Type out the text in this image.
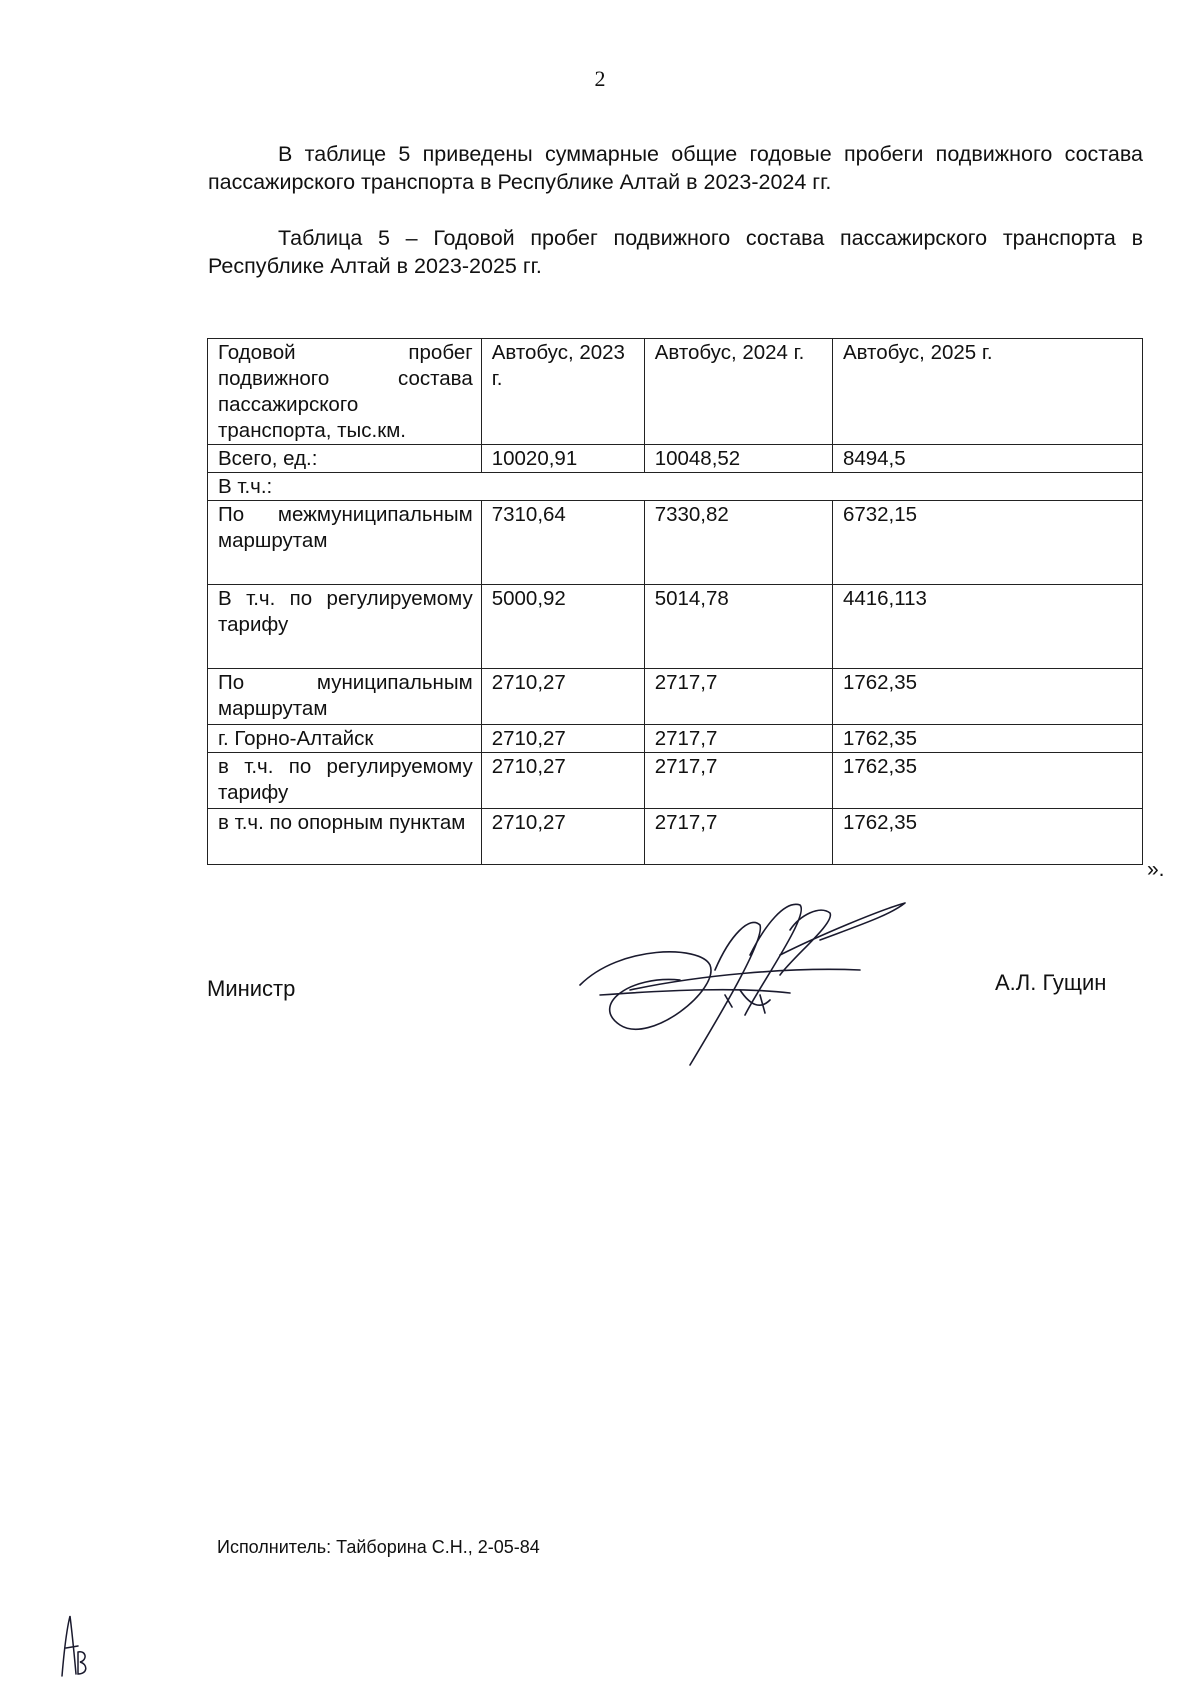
2
В таблице 5 приведены суммарные общие годовые пробеги подвижного состава пассажирского транспорта в Республике Алтай в 2023-2024 гг.
Таблица 5 – Годовой пробег подвижного состава пассажирского транспорта в Республике Алтай в 2023-2025 гг.
Годовой пробег подвижного состава пассажирского транспорта, тыс.км.	Автобус, 2023 г.	Автобус, 2024 г.	Автобус, 2025 г.
Всего, ед.:	10020,91	10048,52	8494,5
В т.ч.:			
По межмуниципальным маршрутам	7310,64	7330,82	6732,15
В т.ч. по регулируемому тарифу	5000,92	5014,78	4416,113
По муниципальным маршрутам	2710,27	2717,7	1762,35
г. Горно-Алтайск	2710,27	2717,7	1762,35
в т.ч. по регулируемому тарифу	2710,27	2717,7	1762,35
в т.ч. по опорным пунктам	2710,27	2717,7	1762,35
».
Министр	А.Л. Гущин
Исполнитель: Тайборина С.Н., 2-05-84
